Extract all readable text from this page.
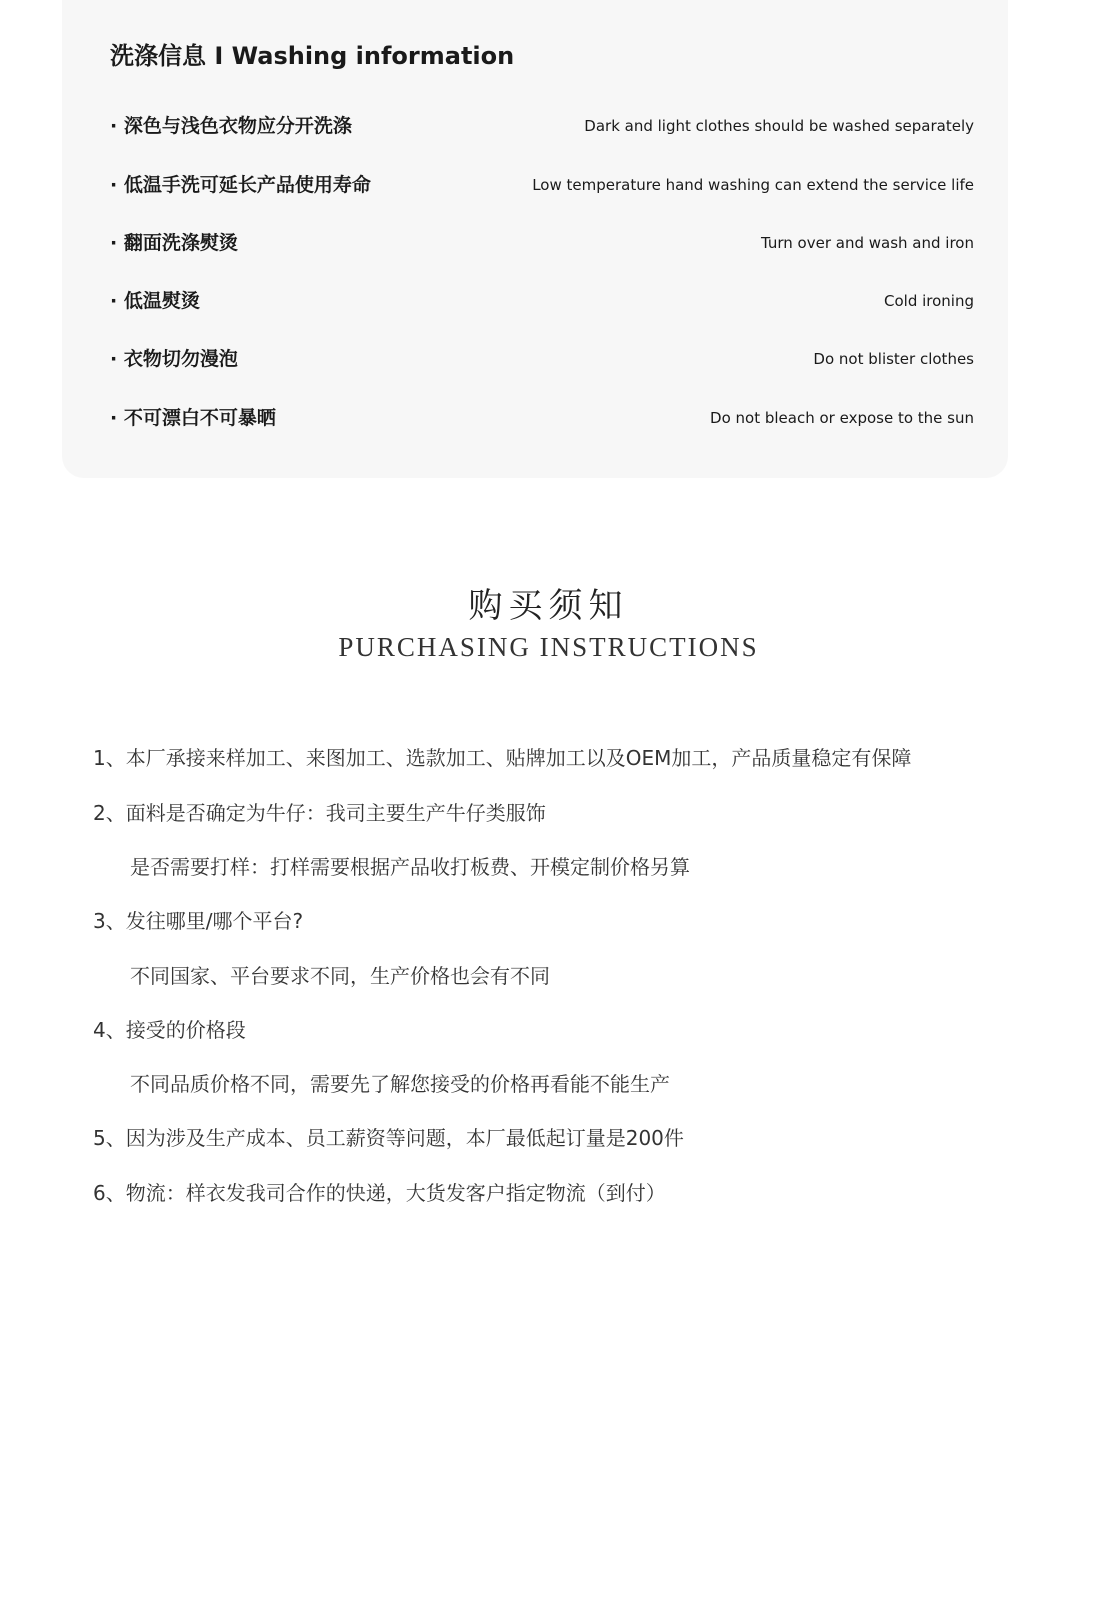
洗涤信息 I Washing information
· 深色与浅色衣物应分开洗涤	Dark and light clothes should be washed separately
· 低温手洗可延长产品使用寿命	Low temperature hand washing can extend the service life
· 翻面洗涤熨烫	Turn over and wash and iron
· 低温熨烫	Cold ironing
· 衣物切勿漫泡	Do not blister clothes
· 不可漂白不可暴晒	Do not bleach or expose to the sun
购买须知
PURCHASING INSTRUCTIONS
1、本厂承接来样加工、来图加工、选款加工、贴牌加工以及OEM加工，产品质量稳定有保障
2、面料是否确定为牛仔：我司主要生产牛仔类服饰
是否需要打样：打样需要根据产品收打板费、开模定制价格另算
3、发往哪里/哪个平台?
不同国家、平台要求不同，生产价格也会有不同
4、接受的价格段
不同品质价格不同，需要先了解您接受的价格再看能不能生产
5、因为涉及生产成本、员工薪资等问题，本厂最低起订量是200件
6、物流：样衣发我司合作的快递，大货发客户指定物流（到付）
